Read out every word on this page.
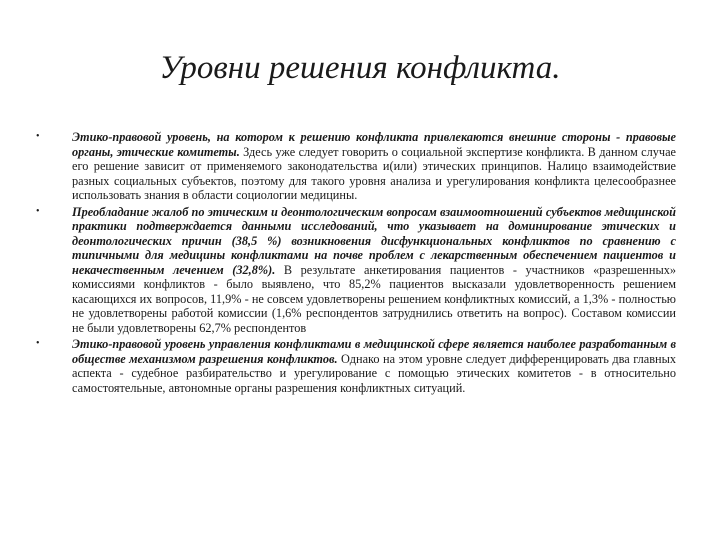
Уровни решения конфликта.
•	Этико-правовой уровень, на котором к решению конфликта привлекаются внешние стороны - правовые органы, этические комитеты. Здесь уже следует говорить о социальной экспертизе конфликта. В данном случае его решение зависит от применяемого законодательства и(или) этических принципов. Налицо взаимодействие разных социальных субъектов, поэтому для такого уровня анализа и урегулирования конфликта целесообразнее использовать знания в области социологии медицины.
•	Преобладание жалоб по этическим и деонтологическим вопросам взаимоотношений субъектов медицинской практики подтверждается данными исследований, что указывает на доминирование этических и деонтологических причин (38,5 %) возникновения дисфункциональных конфликтов по сравнению с типичными для медицины конфликтами на почве проблем с лекарственным обеспечением пациентов и некачественным лечением (32,8%). В результате анкетирования пациентов - участников «разрешенных» комиссиями конфликтов - было выявлено, что 85,2% пациентов высказали удовлетворенность решением касающихся их вопросов, 11,9% - не совсем удовлетворены решением конфликтных комиссий, а 1,3% - полностью не удовлетворены работой комиссии (1,6% респондентов затруднились ответить на вопрос). Составом комиссии не были удовлетворены 62,7% респондентов
•	Этико-правовой уровень управления конфликтами в медицинской сфере является наиболее разработанным в обществе механизмом разрешения конфликтов. Однако на этом уровне следует дифференцировать два главных аспекта - судебное разбирательство и урегулирование с помощью этических комитетов - в относительно самостоятельные, автономные органы разрешения конфликтных ситуаций.
